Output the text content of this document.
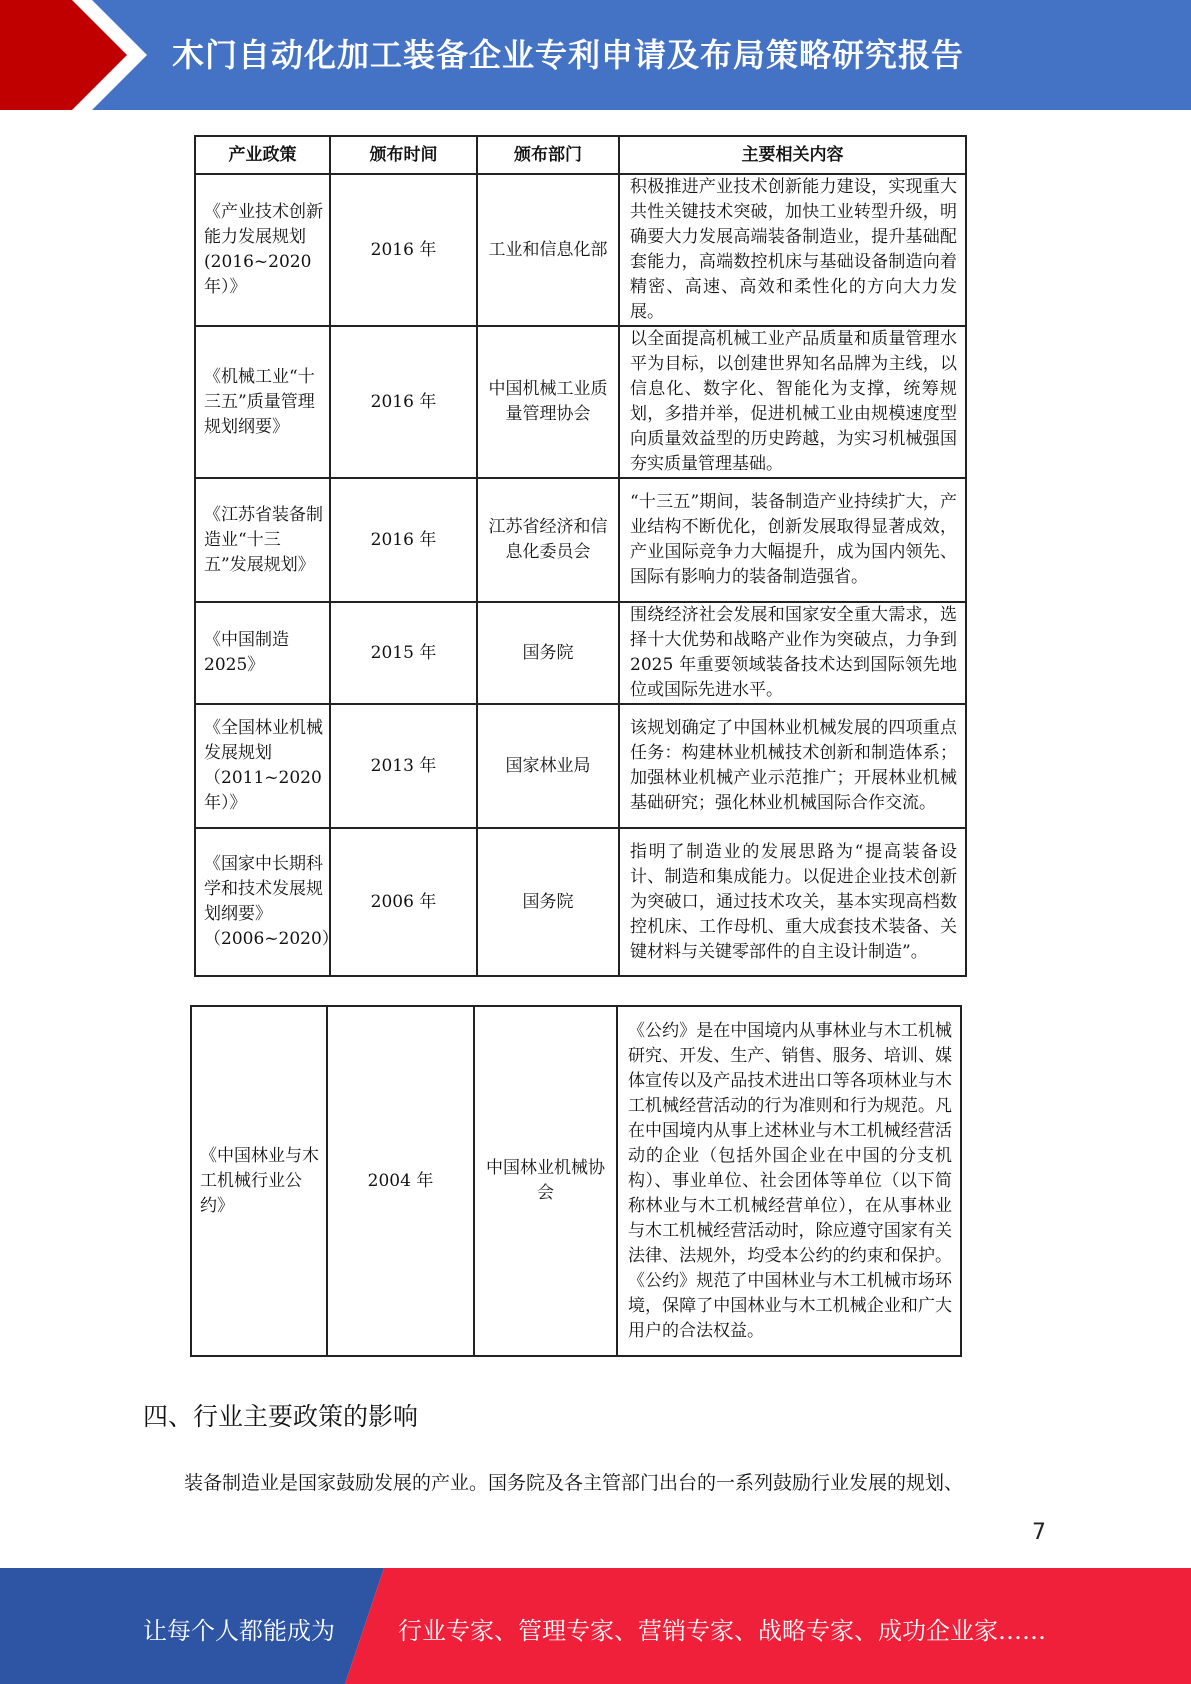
木门自动化加工装备企业专利申请及布局策略研究报告
产业政策	颁布时间	颁布部门	主要相关内容
《产业技术创新能力发展规划(2016~2020年）》	2016 年	工业和信息化部	积极推进产业技术创新能力建设，实现重大共性关键技术突破，加快工业转型升级，明确要大力发展高端装备制造业，提升基础配套能力，高端数控机床与基础设备制造向着精密、高速、高效和柔性化的方向大力发展。
《机械工业“十三五”质量管理规划纲要》	2016 年	中国机械工业质量管理协会	以全面提高机械工业产品质量和质量管理水平为目标，以创建世界知名品牌为主线，以信息化、数字化、智能化为支撑，统筹规划，多措并举，促进机械工业由规模速度型向质量效益型的历史跨越，为实习机械强国夯实质量管理基础。
《江苏省装备制造业“十三五”发展规划》	2016 年	江苏省经济和信息化委员会	“十三五”期间，装备制造产业持续扩大，产业结构不断优化，创新发展取得显著成效，产业国际竞争力大幅提升，成为国内领先、国际有影响力的装备制造强省。
《中国制造2025》	2015 年	国务院	围绕经济社会发展和国家安全重大需求，选择十大优势和战略产业作为突破点，力争到 2025 年重要领域装备技术达到国际领先地位或国际先进水平。
《全国林业机械发展规划（2011~2020年）》	2013 年	国家林业局	该规划确定了中国林业机械发展的四项重点任务：构建林业机械技术创新和制造体系；加强林业机械产业示范推广；开展林业机械基础研究；强化林业机械国际合作交流。
《国家中长期科学和技术发展规划纲要》（2006~2020）	2006 年	国务院	指明了制造业的发展思路为“提高装备设计、制造和集成能力。以促进企业技术创新为突破口，通过技术攻关，基本实现高档数控机床、工作母机、重大成套技术装备、关键材料与关键零部件的自主设计制造”。
《中国林业与木工机械行业公约》	2004 年	中国林业机械协会	《公约》是在中国境内从事林业与木工机械研究、开发、生产、销售、服务、培训、媒体宣传以及产品技术进出口等各项林业与木工机械经营活动的行为准则和行为规范。凡在中国境内从事上述林业与木工机械经营活动的企业（包括外国企业在中国的分支机构）、事业单位、社会团体等单位（以下简称林业与木工机械经营单位），在从事林业与木工机械经营活动时，除应遵守国家有关法律、法规外，均受本公约的约束和保护。《公约》规范了中国林业与木工机械市场环境，保障了中国林业与木工机械企业和广大用户的合法权益。
四、行业主要政策的影响
装备制造业是国家鼓励发展的产业。国务院及各主管部门出台的一系列鼓励行业发展的规划、
7
让每个人都能成为	行业专家、管理专家、营销专家、战略专家、成功企业家……
